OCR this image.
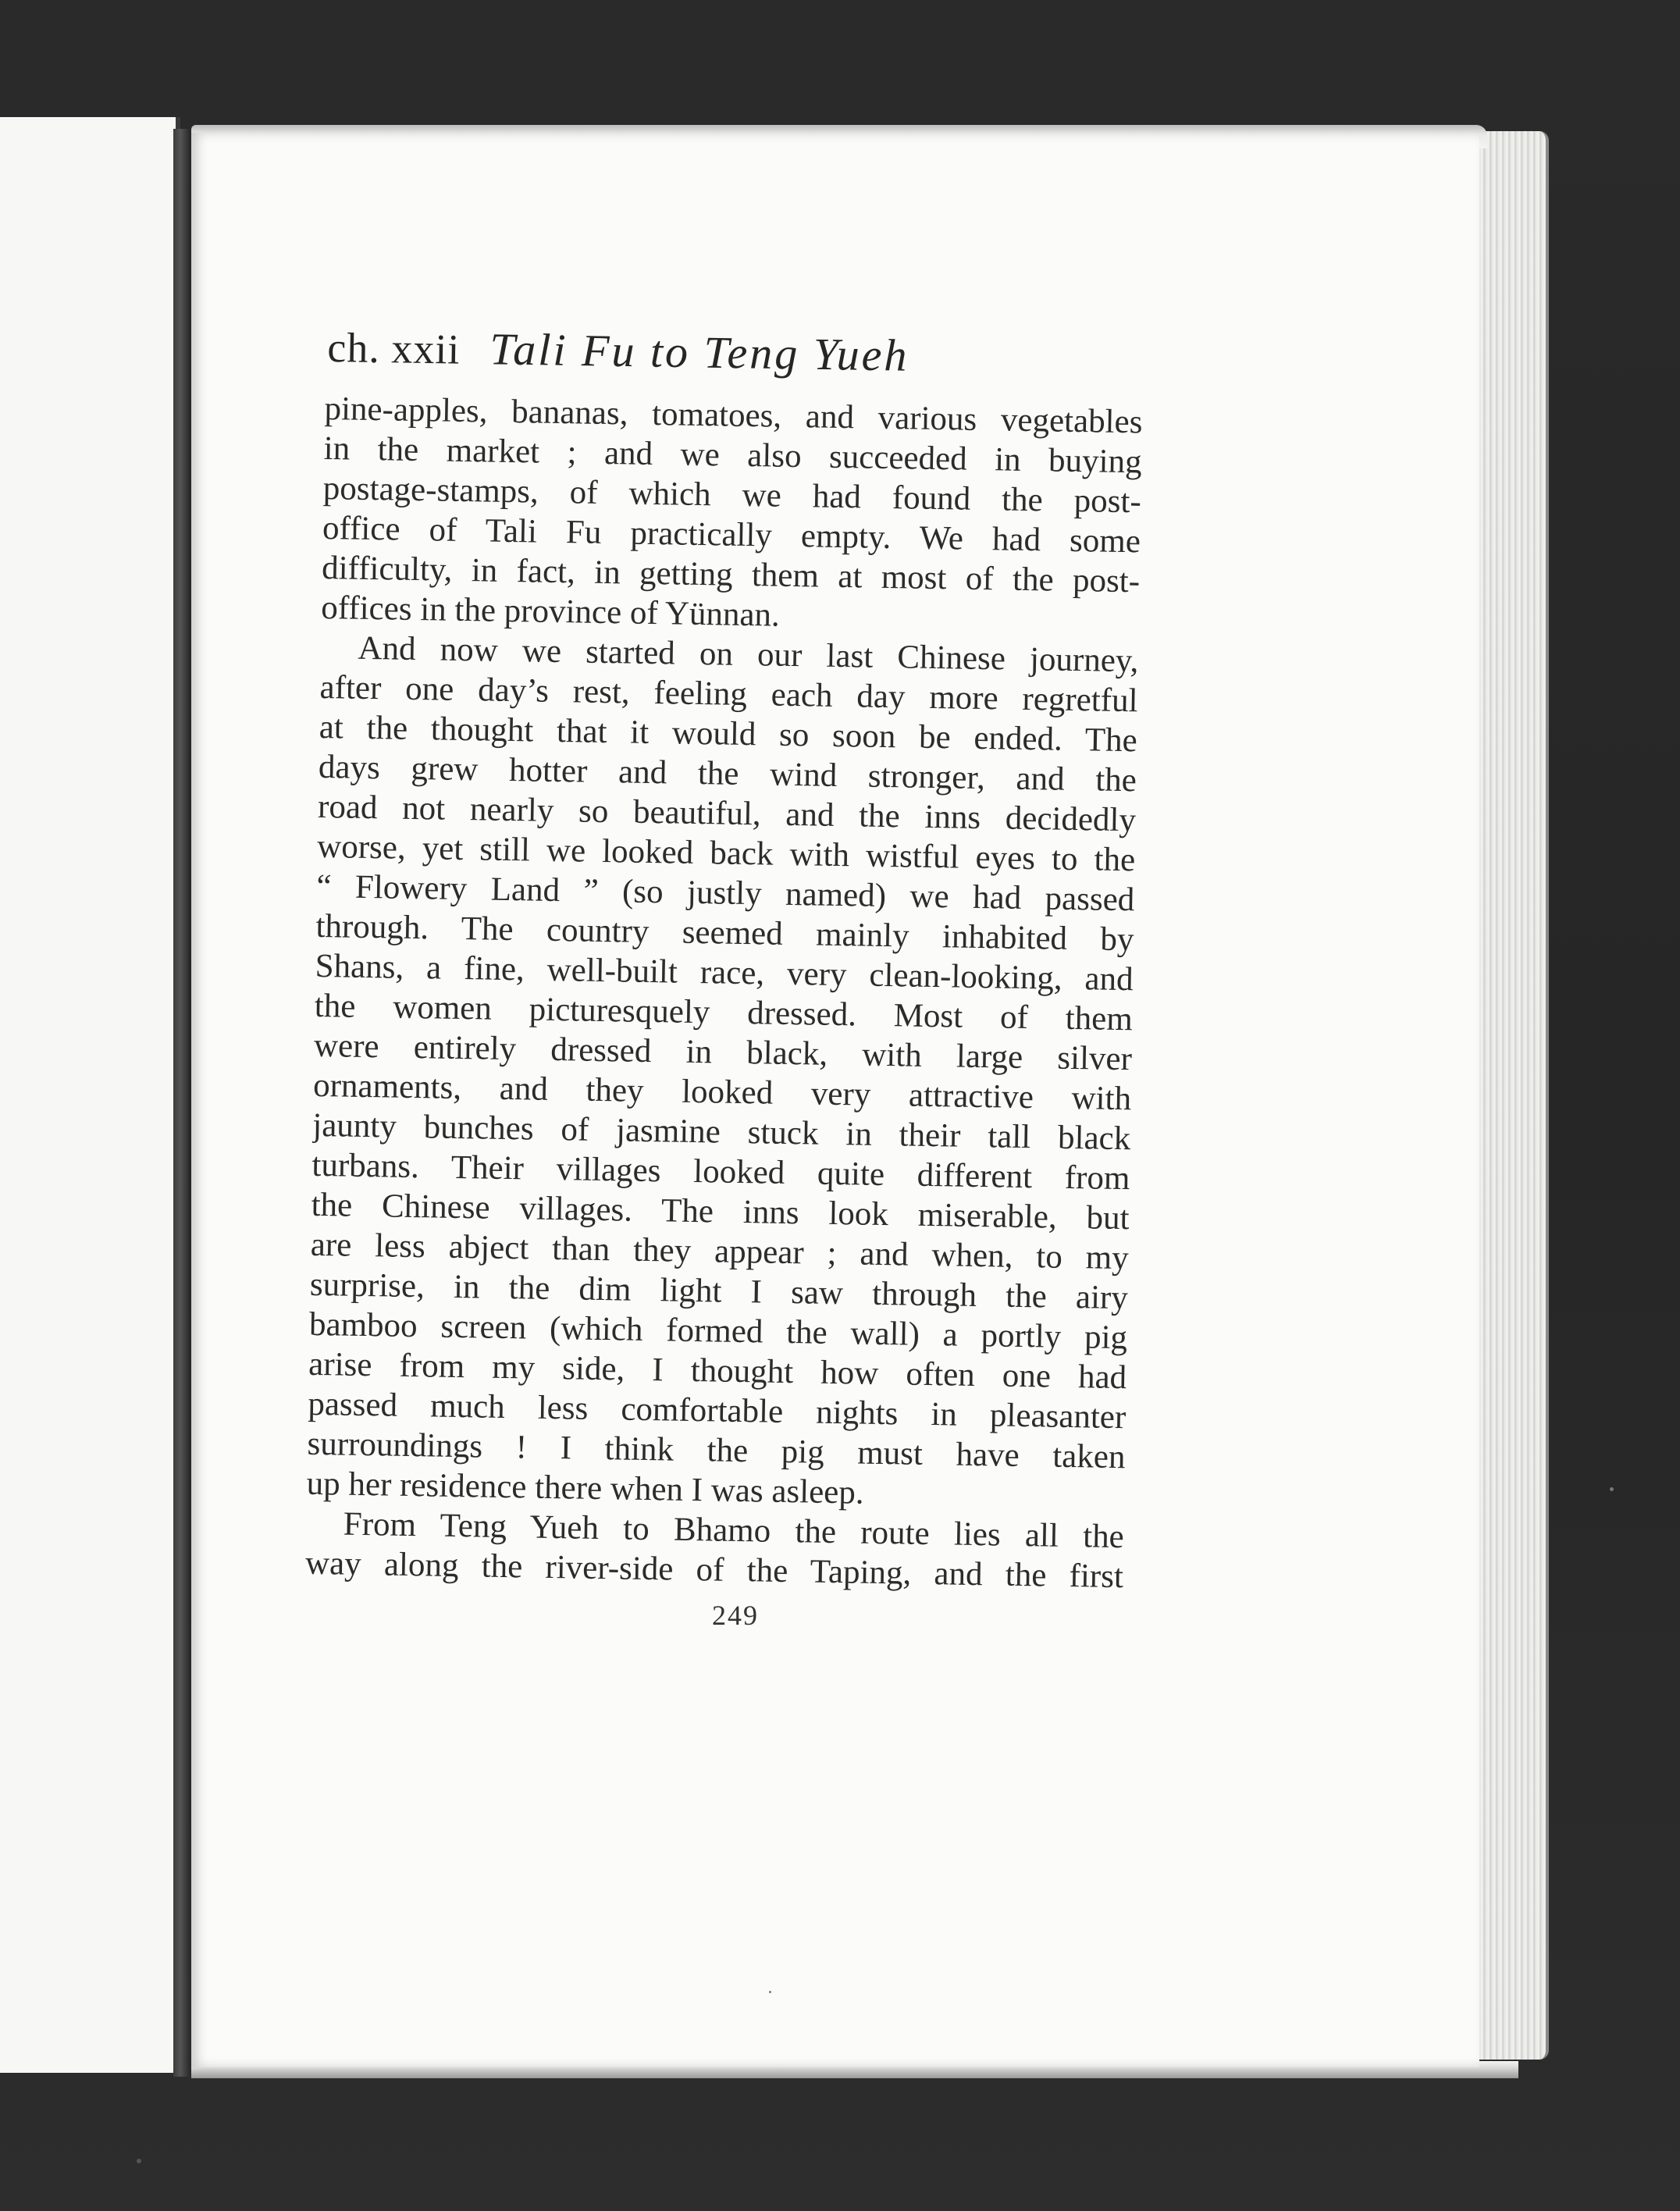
ch. xxii Tali Fu to Teng Yueh

pine-apples, bananas, tomatoes, and various vegetables

in the market ; and we also succeeded in buying

postage-stamps, of which we had found the post-

office of Tali Fu practically empty. We had some

difficulty, in fact, in getting them at most of the post-

offices in the province of Yünnan.

And now we started on our last Chinese journey,

after one day’s rest, feeling each day more regretful

at the thought that it would so soon be ended. The

days grew hotter and the wind stronger, and the

road not nearly so beautiful, and the inns decidedly

worse, yet still we looked back with wistful eyes to the

“ Flowery Land ” (so justly named) we had passed

through. The country seemed mainly inhabited by

Shans, a fine, well-built race, very clean-looking, and

the women picturesquely dressed. Most of them

were entirely dressed in black, with large silver

ornaments, and they looked very attractive with

jaunty bunches of jasmine stuck in their tall black

turbans. Their villages looked quite different from

the Chinese villages. The inns look miserable, but

are less abject than they appear ; and when, to my

surprise, in the dim light I saw through the airy

bamboo screen (which formed the wall) a portly pig

arise from my side, I thought how often one had

passed much less comfortable nights in pleasanter

surroundings ! I think the pig must have taken

up her residence there when I was asleep.

From Teng Yueh to Bhamo the route lies all the

way along the river-side of the Taping, and the first

249
